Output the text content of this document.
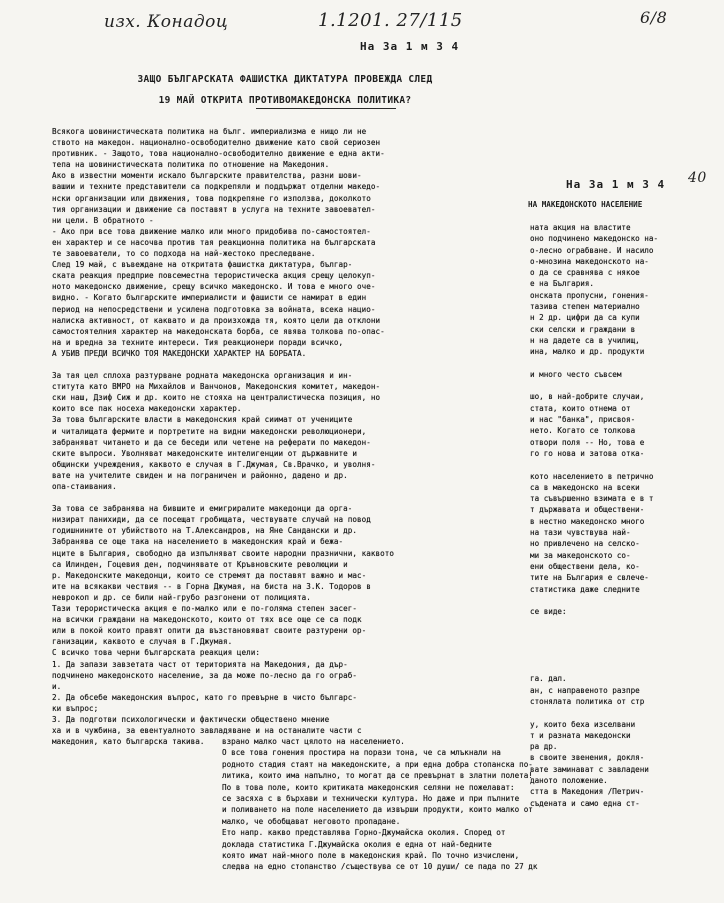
изх. Конадоц	1.1201. 27/115	6/8
40
На 3а 1 м 3 4
На 3а 1 м 3 4
ЗАЩО БЪЛГАРСКАТА ФАШИСТКА ДИКТАТУРА ПРОВЕЖДА СЛЕД
19 МАЙ ОТКРИТА ПРОТИВОМАКЕДОНСКА ПОЛИТИКА?
Всякога шовинистическата политика на бълг. империализма е нищо ли не
ството на македон. национално-освободително движение като свой сериозен
противник. - Защото, това национално-освободително движение е една акти-
тепа на шовинистическата политика по отношение на Македония.
Ако в известни моменти искало българските правителства, разни шови-
вашии и техните представители са подкрепяли и поддържат отделни македо-
нски организации или движения, това подкрепяне го използва, доколкото
тия организации и движение са поставят в услуга на техните завоевател-
ни цели. В обратното -
- Ако при все това движение малко или много придобива по-самостоятел-
ен характер и се насочва против тая реакционна политика на българската
те завоеватели, то со подхода на най-жестоко преследване.
След 19 май, с въвеждане на откритата фашистка диктатура, българ-
ската реакция предприе повсеместна терористическа акция срещу целокуп-
ното македонско движение, срещу всичко македонско. И това е много оче-
видно. - Когато българските империалисти и фашисти се намират в един
период на непосредствени и усилена подготовка за войната, всека нацио-
налиска активност, от каквато и да произхожда тя, която цели да отклони
самостоятелния характер на македонската борба, се явява толкова по-опас-
на и вредна за техните интереси. Тия реакционери поради всичко,
А УБИВ ПРЕДИ ВСИЧКО ТОЯ МАКЕДОНСКИ ХАРАКТЕР НА БОРБАТА.
За тая цел сплоха разтурване родната македонска организация и ин-
ститута като ВМРО на Михайлов и Ванчонов, Македонския комитет, македон-
ски наш, Дзиф Сиж и др. които не стояха на централистическа позиция, но
които все пак носеха македонски характер.
За това българските власти в македонския край сиимат от учениците
и читалищата фермите и портретите на видни македонски революционери,
забраняват читането и да се беседи или четене на реферати по македон-
ските въпроси. Уволняват македонските интелигенции от държавните и
общински учреждения, каквото е случая в Г.Джумая, Св.Врачко, и уволня-
вате на учителите свиден и на пограничен и районно, дадено и др.
опа-стаивания.
За това се забранява на бившите и емигриралите македонци да орга-
низират панихиди, да се посещат гробищата, чествувате случай на повод
годишнините от убийството на Т.Александров, на Яне Сандански и др.
Забранява се още така на населението в македонския край и бежа-
нците в България, свободно да изпълняват своите народни празнични, каквото
са Илинден, Гоцевия ден, подчинявате от Кръвновските революции и
р. Македонските македонци, които се стремят да поставят важно и мас-
ите на всякакви чествия -- в Горна Джумая, на биста на З.К. Тодоров в
неврокоп и др. се били най-грубо разгонени от полицията.
Тази терористическа акция е по-малко или е по-голяма степен засег-
на всички граждани на македонското, които от тях все още се са подк
или в покой които правят опити да възстановяват своите разтурени ор-
ганизации, каквото е случая в Г.Джумая.
С всичко това черни българската реакция цели:
1. Да запази завзетата част от територията на Македония, да дър-
подчинено македонското население, за да може по-лесно да го ограб-
и.
2. Да обсебе македонския въпрос, като го превърне в чисто българс-
ки въпрос;
3. Да подготви психологически и фактически обществено мнение
ха и в чужбина, за евентуалното завладяване и на останалите части с
македония, като българска такива.
НА МАКЕДОНСКОТО НАСЕЛЕНИЕ
ната акция на властите
оно подчинено македонско на-
о-лесно ограбване. И насило
о-мнозина македонското на-
о да се сравнява с някое
е на България.
онската пропусни, гонения-
тазива степен материално
н 2 др. цифри да са купи
ски селски и граждани в
н на дадете са в училищ,
ина, малко и др. продукти
и много често съвсем
шо, в най-добрите случаи,
стата, които отнема от
и нас "банка", присвоя-
нето. Когато се толкова
отвори поля -- Но, това е
го го нова и затова отка-
кото населението в петрично
са в македонско на всеки
та съвършенно взимата е в т
т държавата и обществени-
в нестно македонско много
на тази чувствува най-
но привлечено на селско-
ми за македонското со-
ени обществени дела, ко-
тите на България е свлече-
статистика даже следните
се виде:
га. дал.
ан, с направеното разпре
стонялата политика от стр
у, които беха изселвани
т и разната македонски
ра др.
в своите звенения, докля-
вате заминават с завладени
даното положение.
стта в Македония /Петрич-
съдената и само една ст-
взрано малко част цялото на населението.
О все това гонения простира на порази тона, че са млъкнали на
родното стадия стаят на македонските, а при една добра стопанска по-
литика, които има напълно, то могат да се превърнат в златни полета!
По в това поле, които критиката македонския селяни не пожелават:
се засяха с в бърхави и технически култура. Но даже и при пълните
и поливането на поле населението да извърши продукти, които малко от
малко, че обобщават неговото пропадане.
Ето напр. какво представлява Горно-Джумайска околия. Според от
доклада статистика Г.Джумайска околия е една от най-бедните
която имат най-много поле в македонския край. По точно изчислени,
следва на едно стопанство /съществува се от 10 души/ се пада по 27 дк
